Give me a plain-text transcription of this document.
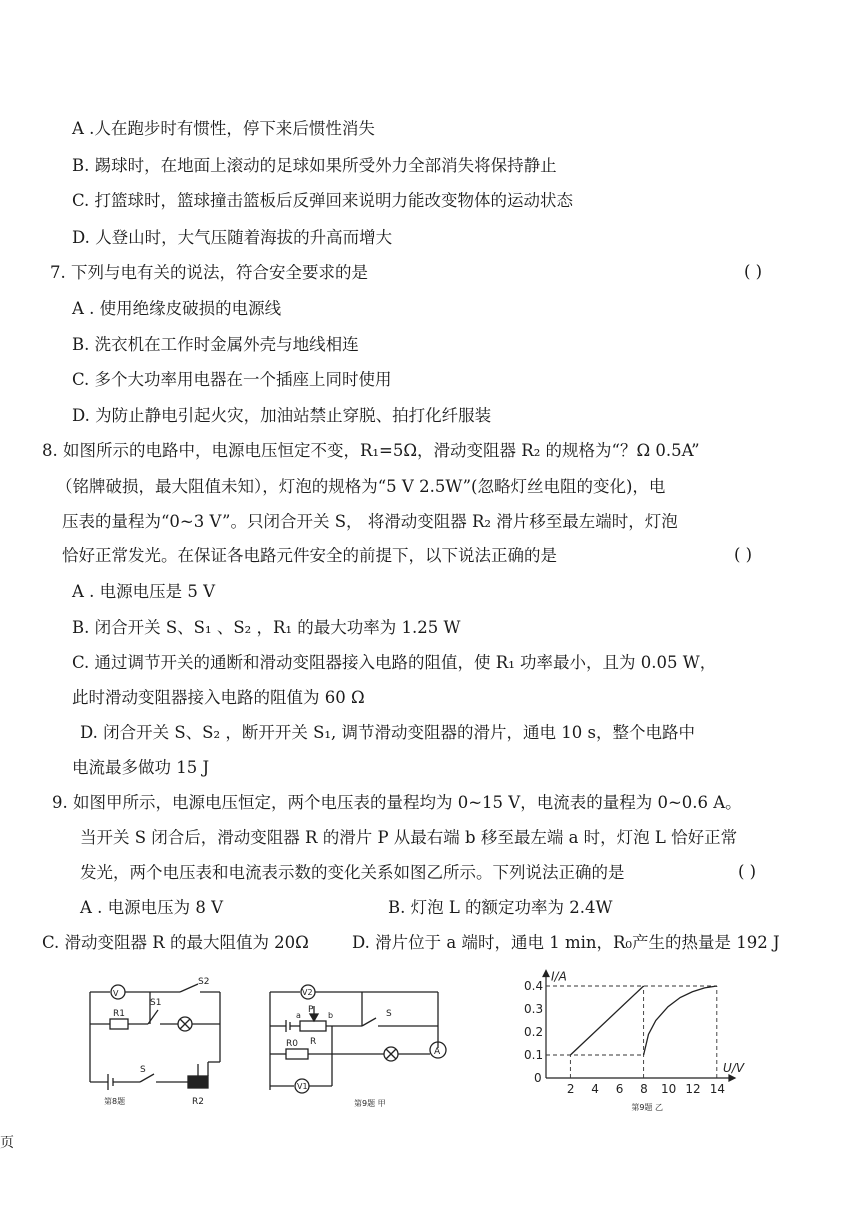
A .人在跑步时有惯性，停下来后惯性消失
B. 踢球时，在地面上滚动的足球如果所受外力全部消失将保持静止
C. 打篮球时，篮球撞击篮板后反弹回来说明力能改变物体的运动状态
D. 人登山时，大气压随着海拔的升高而增大
7. 下列与电有关的说法，符合安全要求的是	( )
A . 使用绝缘皮破损的电源线
B. 洗衣机在工作时金属外壳与地线相连
C. 多个大功率用电器在一个插座上同时使用
D. 为防止静电引起火灾，加油站禁止穿脱、拍打化纤服装
8. 如图所示的电路中，电源电压恒定不变，R₁=5Ω，滑动变阻器 R₂ 的规格为“？Ω 0.5A”
（铭牌破损，最大阻值未知），灯泡的规格为“5 V 2.5W”(忽略灯丝电阻的变化)，电
压表的量程为“0~3 V”。只闭合开关 S， 将滑动变阻器 R₂ 滑片移至最左端时，灯泡
恰好正常发光。在保证各电路元件安全的前提下，以下说法正确的是	( )
A . 电源电压是 5 V
B. 闭合开关 S、S₁ 、S₂ ，R₁ 的最大功率为 1.25 W
C. 通过调节开关的通断和滑动变阻器接入电路的阻值，使 R₁ 功率最小，且为 0.05 W，
此时滑动变阻器接入电路的阻值为 60 Ω
D. 闭合开关 S、S₂ ，断开开关 S₁, 调节滑动变阻器的滑片，通电 10 s，整个电路中
电流最多做功 15 J
9. 如图甲所示，电源电压恒定，两个电压表的量程均为 0~15 V，电流表的量程为 0~0.6 A。
当开关 S 闭合后，滑动变阻器 R 的滑片 P 从最右端 b 移至最左端 a 时，灯泡 L 恰好正常
发光，两个电压表和电流表示数的变化关系如图乙所示。下列说法正确的是	( )
A . 电源电压为 8 V	B. 灯泡 L 的额定功率为 2.4W
C. 滑动变阻器 R 的最大阻值为 20Ω	D. 滑片位于 a 端时，通电 1 min，R₀产生的热量是 192 J
V
S1
S2
R1
S
R2
第8题
V2
V1
P
a	b
R
R0
S
A
第9题 甲
0.1
0.2
0.3
0.4
2 4 6 8 10 12 14
0
U/V
I/A
第9题 乙
页
